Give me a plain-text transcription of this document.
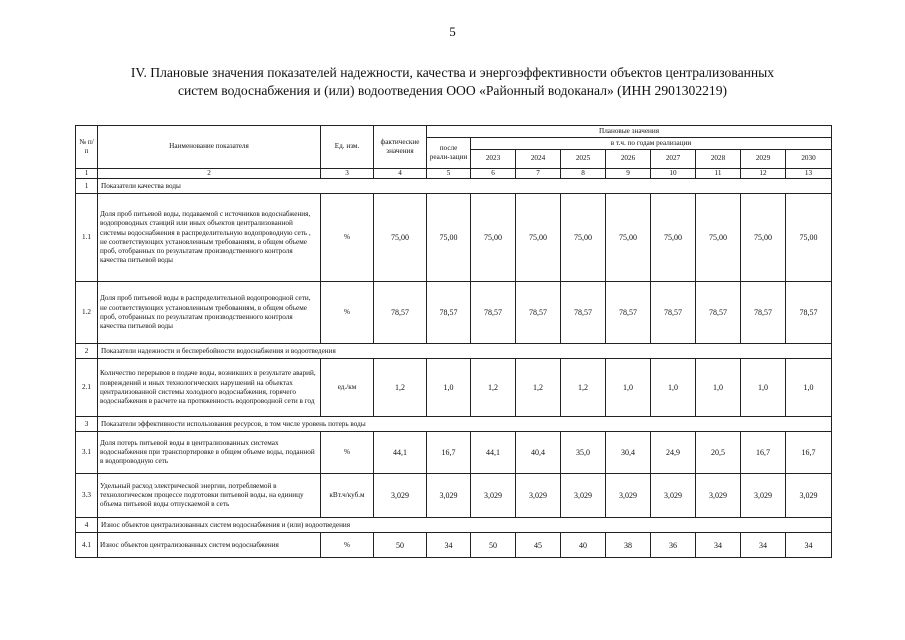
5
IV. Плановые значения показателей надежности, качества и энергоэффективности объектов централизованных
систем водоснабжения и (или) водоотведения ООО «Районный водоканал» (ИНН 2901302219)
№ п/п	Наименование показателя	Ед. изм.	фактические значения	Плановые значения								
				после реали-зации	в т.ч. по годам реализации							
					2023	2024	2025	2026	2027	2028	2029	2030
1	2	3	4	5	6	7	8	9	10	11	12	13
1	Показатели качества воды											
1.1	Доля проб питьевой воды, подаваемой с источников водоснабжения, водопроводных станций или иных объектов централизованной системы водоснабжения в распределительную водопроводную сеть , не соответствующих установленным требованиям, в общем объеме проб, отобранных по результатам производственного контроля качества питьевой воды	%	75,00	75,00	75,00	75,00	75,00	75,00	75,00	75,00	75,00	75,00
1.2	Доля проб питьевой воды в распределительной водопроводной сети, не соответствующих установленным требованиям, в общем объеме проб, отобранных по результатам производственного контроля качества питьевой воды	%	78,57	78,57	78,57	78,57	78,57	78,57	78,57	78,57	78,57	78,57
2	Показатели надежности и бесперебойности водоснабжения и водоотведения											
2.1	Количество перерывов в подаче воды, возникших в результате аварий, повреждений и иных технологических нарушений на объектах централизованной системы холодного водоснабжения, горячего водоснабжения в расчете на протяженность водопроводной сети в год	ед./км	1,2	1,0	1,2	1,2	1,2	1,0	1,0	1,0	1,0	1,0
3	Показатели эффективности использования ресурсов, в том числе уровень потерь воды											
3.1	Доля потерь питьевой воды в централизованных системах водоснабжения при транспортировке в общем объеме воды, поданной в водопроводную сеть	%	44,1	16,7	44,1	40,4	35,0	30,4	24,9	20,5	16,7	16,7
3.3	Удельный расход электрической энергии, потребляемой в технологическом процессе подготовки питьевой воды, на единицу объема питьевой воды отпускаемой в сеть	кВт.ч/куб.м	3,029	3,029	3,029	3,029	3,029	3,029	3,029	3,029	3,029	3,029
4	Износ объектов централизованных систем водоснабжения и (или) водоотведения											
4.1	Износ объектов централизованных систем водоснабжения	%	50	34	50	45	40	38	36	34	34	34
